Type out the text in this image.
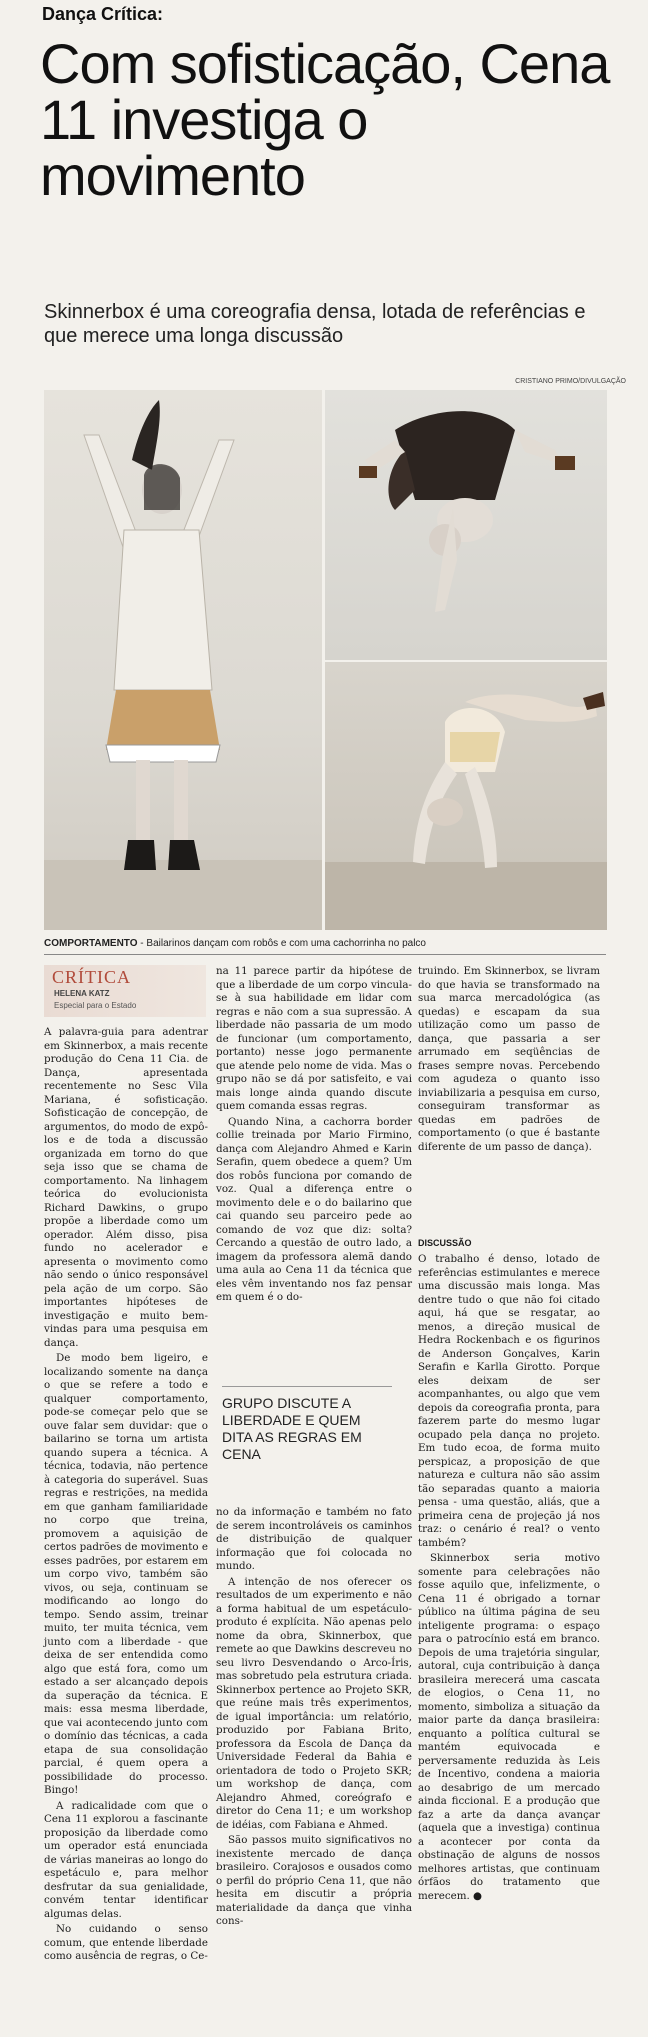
Dança Crítica:
Com sofisticação, Cena 11 investiga o movimento
Skinnerbox é uma coreografia densa, lotada de referências e que merece uma longa discussão
CRISTIANO PRIMO/DIVULGAÇÃO
COMPORTAMENTO - Bailarinos dançam com robôs e com uma cachorrinha no palco
CRÍTICA
HELENA KATZ
Especial para o Estado

A palavra-guia para adentrar em Skinnerbox, a mais recente produção do Cena 11 Cia. de Dança, apresentada recentemente no Sesc Vila Mariana, é sofisticação. Sofisticação de concepção, de argumentos, do modo de expô-los e de toda a discussão organizada em torno do que seja isso que se chama de comportamento. Na linhagem teórica do evolucionista Richard Dawkins, o grupo propõe a liberdade como um operador. Além disso, pisa fundo no acelerador e apresenta o movimento como não sendo o único responsável pela ação de um corpo. São importantes hipóteses de investigação e muito bem-vindas para uma pesquisa em dança.

De modo bem ligeiro, e localizando somente na dança o que se refere a todo e qualquer comportamento, pode-se começar pelo que se ouve falar sem duvidar: que o bailarino se torna um artista quando supera a técnica. A técnica, todavia, não pertence à categoria do superável. Suas regras e restrições, na medida em que ganham familiaridade no corpo que treina, promovem a aquisição de certos padrões de movimento e esses padrões, por estarem em um corpo vivo, também são vivos, ou seja, continuam se modificando ao longo do tempo. Sendo assim, treinar muito, ter muita técnica, vem junto com a liberdade - que deixa de ser entendida como algo que está fora, como um estado a ser alcançado depois da superação da técnica. E mais: essa mesma liberdade, que vai acontecendo junto com o domínio das técnicas, a cada etapa de sua consolidação parcial, é quem opera a possibilidade do processo. Bingo!

A radicalidade com que o Cena 11 explorou a fascinante proposição da liberdade como um operador está enunciada de várias maneiras ao longo do espetáculo e, para melhor desfrutar da sua genialidade, convém tentar identificar algumas delas.

No cuidando o senso comum, que entende liberdade como ausência de regras, o Ce-

na 11 parece partir da hipótese de que a liberdade de um corpo vincula-se à sua habilidade em lidar com regras e não com a sua supressão. A liberdade não passaria de um modo de funcionar (um comportamento, portanto) nesse jogo permanente que atende pelo nome de vida. Mas o grupo não se dá por satisfeito, e vai mais longe ainda quando discute quem comanda essas regras.

Quando Nina, a cachorra border collie treinada por Mario Firmino, dança com Alejandro Ahmed e Karin Serafin, quem obedece a quem? Um dos robôs funciona por comando de voz. Qual a diferença entre o movimento dele e o do bailarino que cai quando seu parceiro pede ao comando de voz que diz: solta? Cercando a questão de outro lado, a imagem da professora alemã dando uma aula ao Cena 11 da técnica que eles vêm inventando nos faz pensar em quem é o do-

GRUPO DISCUTE A LIBERDADE E QUEM DITA AS REGRAS EM CENA

no da informação e também no fato de serem incontroláveis os caminhos de distribuição de qualquer informação que foi colocada no mundo.

A intenção de nos oferecer os resultados de um experimento e não a forma habitual de um espetáculo-produto é explícita. Não apenas pelo nome da obra, Skinnerbox, que remete ao que Dawkins descreveu no seu livro Desvendando o Arco-Íris, mas sobretudo pela estrutura criada. Skinnerbox pertence ao Projeto SKR, que reúne mais três experimentos, de igual importância: um relatório, produzido por Fabiana Brito, professora da Escola de Dança da Universidade Federal da Bahia e orientadora de todo o Projeto SKR; um workshop de dança, com Alejandro Ahmed, coreógrafo e diretor do Cena 11; e um workshop de idéias, com Fabiana e Ahmed.

São passos muito significativos no inexistente mercado de dança brasileiro. Corajosos e ousados como o perfil do próprio Cena 11, que não hesita em discutir a própria materialidade da dança que vinha cons-

truindo. Em Skinnerbox, se livram do que havia se transformado na sua marca mercadológica (as quedas) e escapam da sua utilização como um passo de dança, que passaria a ser arrumado em seqüências de frases sempre novas. Percebendo com agudeza o quanto isso inviabilizaria a pesquisa em curso, conseguiram transformar as quedas em padrões de comportamento (o que é bastante diferente de um passo de dança).

DISCUSSÃO

O trabalho é denso, lotado de referências estimulantes e merece uma discussão mais longa. Mas dentre tudo o que não foi citado aqui, há que se resgatar, ao menos, a direção musical de Hedra Rockenbach e os figurinos de Anderson Gonçalves, Karin Serafin e Karlla Girotto. Porque eles deixam de ser acompanhantes, ou algo que vem depois da coreografia pronta, para fazerem parte do mesmo lugar ocupado pela dança no projeto. Em tudo ecoa, de forma muito perspicaz, a proposição de que natureza e cultura não são assim tão separadas quanto a maioria pensa - uma questão, aliás, que a primeira cena de projeção já nos traz: o cenário é real? o vento também?

Skinnerbox seria motivo somente para celebrações não fosse aquilo que, infelizmente, o Cena 11 é obrigado a tornar público na última página de seu inteligente programa: o espaço para o patrocínio está em branco. Depois de uma trajetória singular, autoral, cuja contribuição à dança brasileira merecerá uma cascata de elogios, o Cena 11, no momento, simboliza a situação da maior parte da dança brasileira: enquanto a política cultural se mantém equivocada e perversamente reduzida às Leis de Incentivo, condena a maioria ao desabrigo de um mercado ainda ficcional. E a produção que faz a arte da dança avançar (aquela que a investiga) continua a acontecer por conta da obstinação de alguns de nossos melhores artistas, que continuam órfãos do tratamento que merecem. ●
